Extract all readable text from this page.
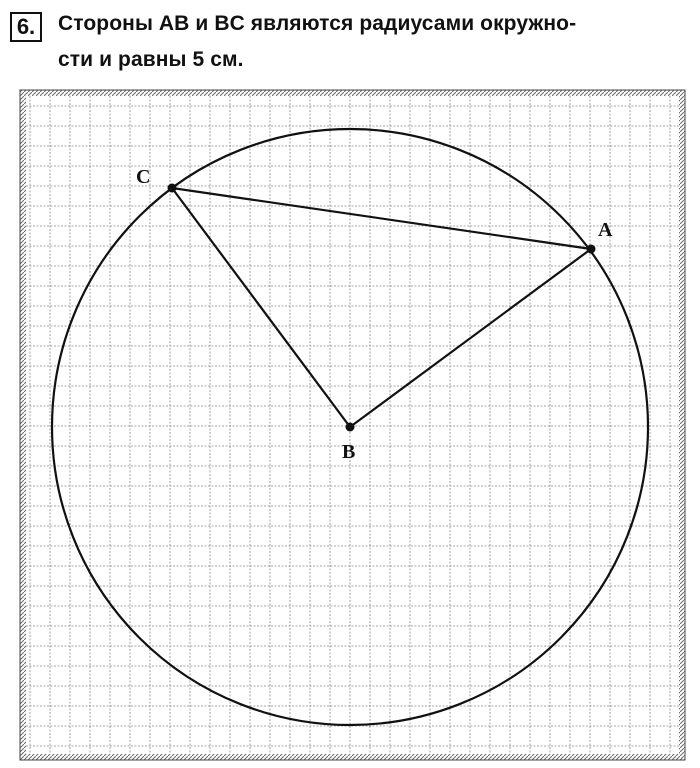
6.	Стороны AB и BC являются радиусами окружно-
сти и равны 5 см.
A
B
C
